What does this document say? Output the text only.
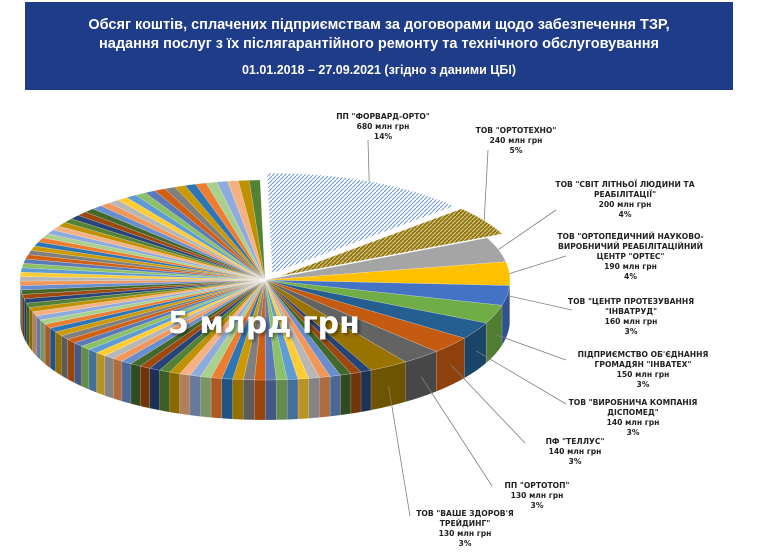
Обсяг коштів, сплачених підприємствам за договорами щодо забезпечення ТЗР,
надання послуг з їх післягарантійного ремонту та технічного обслуговування
01.01.2018 – 27.09.2021 (згідно з даними ЦБІ)
5 млрд грн
ПП "ФОРВАРД-ОРТО"
680 млн грн
14%
ТОВ "ОРТОТЕХНО"
240 млн грн
5%
ТОВ "СВІТ ЛІТНЬОЇ ЛЮДИНИ ТА РЕАБІЛІТАЦІЇ"
200 млн грн
4%
ТОВ "ОРТОПЕДИЧНИЙ НАУКОВО-ВИРОБНИЧИЙ РЕАБІЛІТАЦІЙНИЙ ЦЕНТР "ОРТЕС"
190 млн грн
4%
ТОВ "ЦЕНТР ПРОТЕЗУВАННЯ "ІНВАТРУД"
160 млн грн
3%
ПІДПРИЄМСТВО ОБ'ЄДНАННЯ ГРОМАДЯН "ІНВАТЕХ"
150 млн грн
3%
ТОВ "ВИРОБНИЧА КОМПАНІЯ ДІСПОМЕД"
140 млн грн
3%
ПФ "ТЕЛЛУС"
140 млн грн
3%
ПП "ОРТОТОП"
130 млн грн
3%
ТОВ "ВАШЕ ЗДОРОВ'Я ТРЕЙДИНГ"
130 млн грн
3%
